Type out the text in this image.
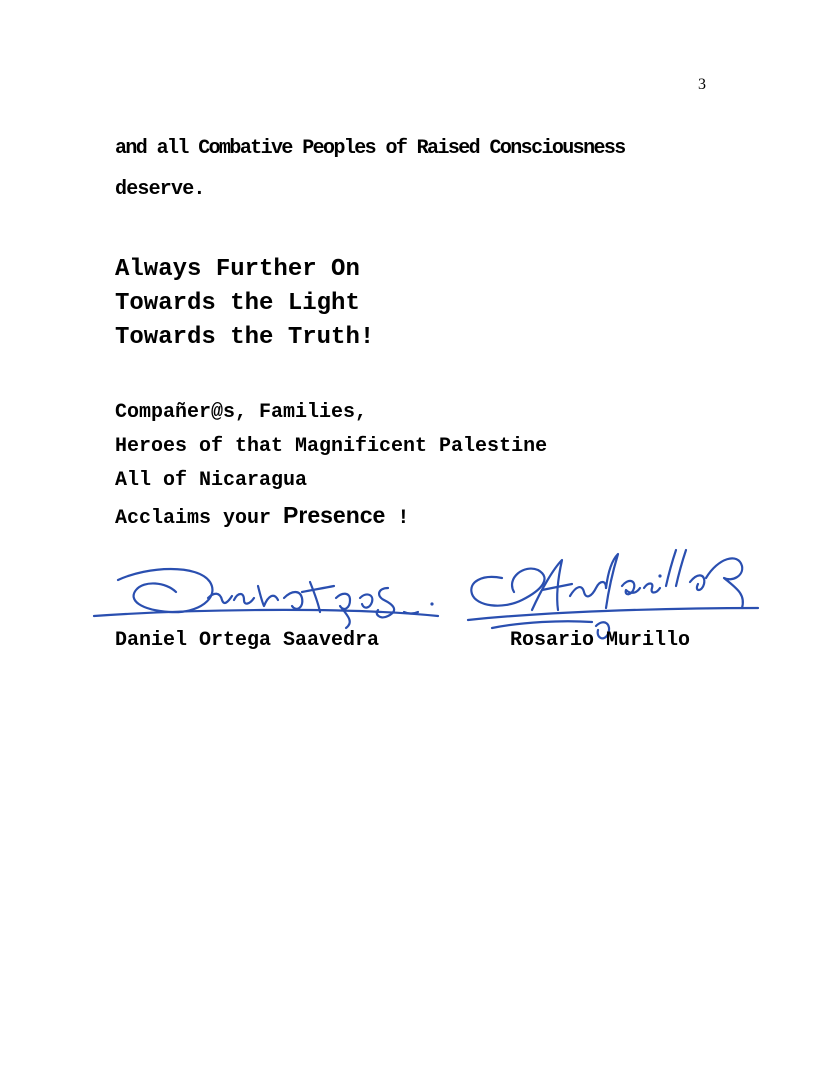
3
and all Combative Peoples of Raised Consciousness
deserve.
Always Further On
Towards the Light
Towards the Truth!
Compañer@s, Families,
Heroes of that Magnificent Palestine
All of Nicaragua
Acclaims your Presence !
Daniel Ortega Saavedra	Rosario Murillo
